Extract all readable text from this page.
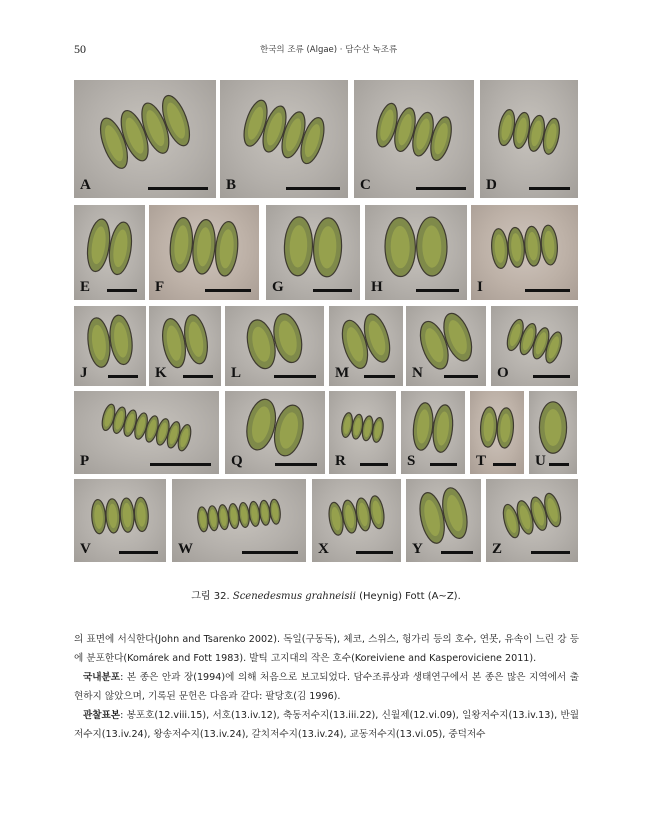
50	한국의 조류 (Algae) · 담수산 녹조류
A	B	C	D
E	F	G	H	I
J	K	L	M	N	O
P	Q	R	S	T	U
V	W	X	Y	Z
그림 32. Scenedesmus grahneisii (Heynig) Fott (A~Z).

의 표면에 서식한다(John and Tsarenko 2002). 독일(구동독), 체코, 스위스, 헝가리 등의 호수, 연못, 유속이 느린 강 등에 분포한다(Komárek and Fott 1983). 발틱 고지대의 작은 호수(Koreiviene and Kasperoviciene 2011).

국내분포: 본 종은 안과 장(1994)에 의해 처음으로 보고되었다. 담수조류상과 생태연구에서 본 종은 많은 지역에서 출현하지 않았으며, 기록된 문헌은 다음과 같다: 팔당호(김 1996).

관찰표본: 봉포호(12.viii.15), 서호(13.iv.12), 축동저수지(13.iii.22), 신월제(12.vi.09), 일왕저수지(13.iv.13), 반월저수지(13.iv.24), 왕송저수지(13.iv.24), 갈치저수지(13.iv.24), 교동저수지(13.vi.05), 중덕저수
